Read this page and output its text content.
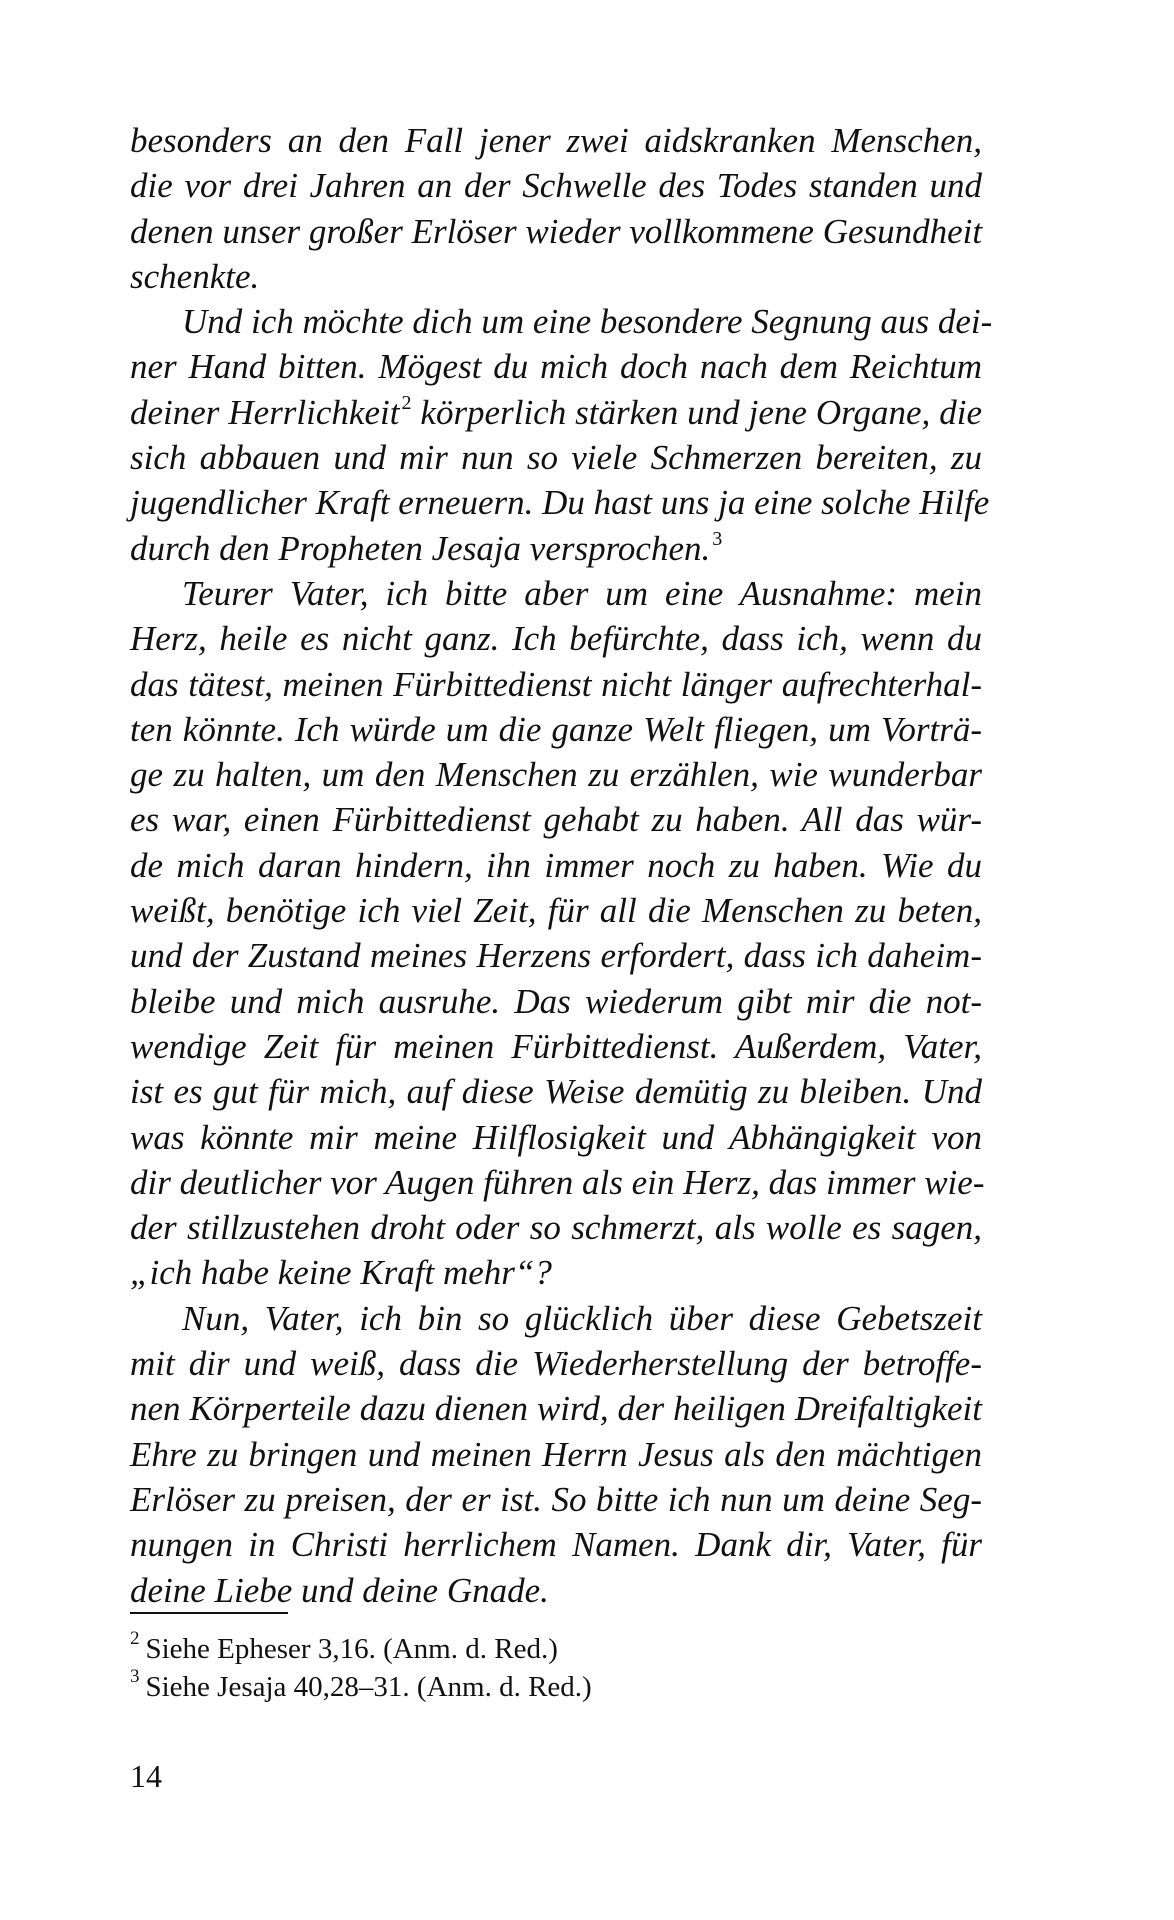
besonders an den Fall jener zwei aidskranken Menschen,
die vor drei Jahren an der Schwelle des Todes standen und
denen unser großer Erlöser wieder vollkommene Gesundheit
schenkte.
Und ich möchte dich um eine besondere Segnung aus dei-
ner Hand bitten. Mögest du mich doch nach dem Reichtum
deiner Herrlichkeit $^2$ körperlich stärken und jene Organe, die
sich abbauen und mir nun so viele Schmerzen bereiten, zu
jugendlicher Kraft erneuern. Du hast uns ja eine solche Hilfe
durch den Propheten Jesaja versprochen. $^3$
Teurer Vater, ich bitte aber um eine Ausnahme: mein
Herz, heile es nicht ganz. Ich befürchte, dass ich, wenn du
das tätest, meinen Fürbittedienst nicht länger aufrechterhal-
ten könnte. Ich würde um die ganze Welt fliegen, um Vorträ-
ge zu halten, um den Menschen zu erzählen, wie wunderbar
es war, einen Fürbittedienst gehabt zu haben. All das wür-
de mich daran hindern, ihn immer noch zu haben. Wie du
weißt, benötige ich viel Zeit, für all die Menschen zu beten,
und der Zustand meines Herzens erfordert, dass ich daheim-
bleibe und mich ausruhe. Das wiederum gibt mir die not-
wendige Zeit für meinen Fürbittedienst. Außerdem, Vater,
ist es gut für mich, auf diese Weise demütig zu bleiben. Und
was könnte mir meine Hilflosigkeit und Abhängigkeit von
dir deutlicher vor Augen führen als ein Herz, das immer wie-
der stillzustehen droht oder so schmerzt, als wolle es sagen,
„ich habe keine Kraft mehr“?
Nun, Vater, ich bin so glücklich über diese Gebetszeit
mit dir und weiß, dass die Wiederherstellung der betroffe-
nen Körperteile dazu dienen wird, der heiligen Dreifaltigkeit
Ehre zu bringen und meinen Herrn Jesus als den mächtigen
Erlöser zu preisen, der er ist. So bitte ich nun um deine Seg-
nungen in Christi herrlichem Namen. Dank dir, Vater, für
deine Liebe und deine Gnade.
$^2$ Siehe Epheser 3,16. (Anm. d. Red.)
$^3$ Siehe Jesaja 40,28–31. (Anm. d. Red.)
14
